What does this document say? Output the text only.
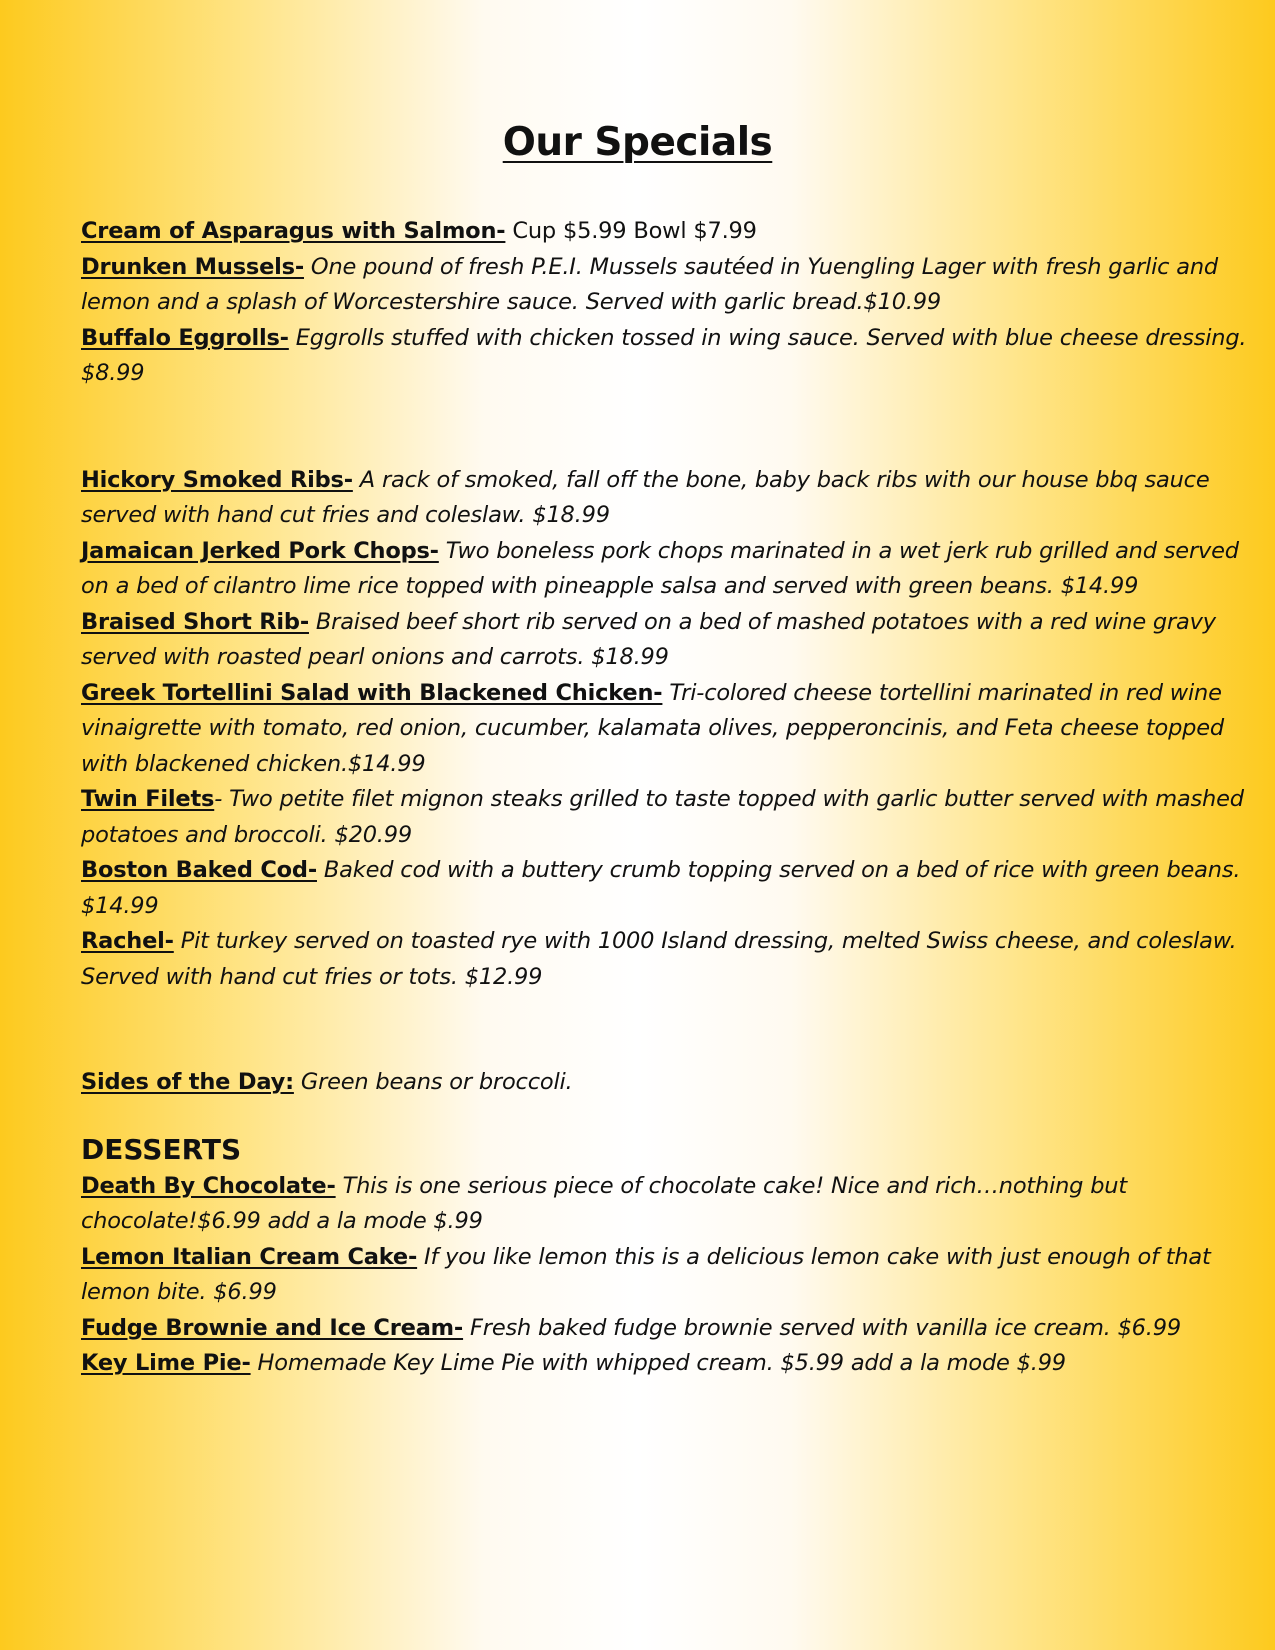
Our Specials

Cream of Asparagus with Salmon- Cup $5.99 Bowl $7.99

Drunken Mussels- One pound of fresh P.E.I. Mussels sautéed in Yuengling Lager with fresh garlic and lemon and a splash of Worcestershire sauce. Served with garlic bread.$10.99

Buffalo Eggrolls- Eggrolls stuffed with chicken tossed in wing sauce. Served with blue cheese dressing. $8.99

Hickory Smoked Ribs- A rack of smoked, fall off the bone, baby back ribs with our house bbq sauce served with hand cut fries and coleslaw. $18.99

Jamaican Jerked Pork Chops- Two boneless pork chops marinated in a wet jerk rub grilled and served on a bed of cilantro lime rice topped with pineapple salsa and served with green beans. $14.99

Braised Short Rib- Braised beef short rib served on a bed of mashed potatoes with a red wine gravy served with roasted pearl onions and carrots. $18.99

Greek Tortellini Salad with Blackened Chicken- Tri-colored cheese tortellini marinated in red wine vinaigrette with tomato, red onion, cucumber, kalamata olives, pepperoncinis, and Feta cheese topped with blackened chicken.$14.99

Twin Filets- Two petite filet mignon steaks grilled to taste topped with garlic butter served with mashed potatoes and broccoli. $20.99

Boston Baked Cod- Baked cod with a buttery crumb topping served on a bed of rice with green beans. $14.99

Rachel- Pit turkey served on toasted rye with 1000 Island dressing, melted Swiss cheese, and coleslaw. Served with hand cut fries or tots. $12.99

Sides of the Day: Green beans or broccoli.

DESSERTS

Death By Chocolate- This is one serious piece of chocolate cake! Nice and rich…nothing but chocolate!$6.99 add a la mode $.99

Lemon Italian Cream Cake- If you like lemon this is a delicious lemon cake with just enough of that lemon bite. $6.99

Fudge Brownie and Ice Cream- Fresh baked fudge brownie served with vanilla ice cream. $6.99

Key Lime Pie- Homemade Key Lime Pie with whipped cream. $5.99 add a la mode $.99
